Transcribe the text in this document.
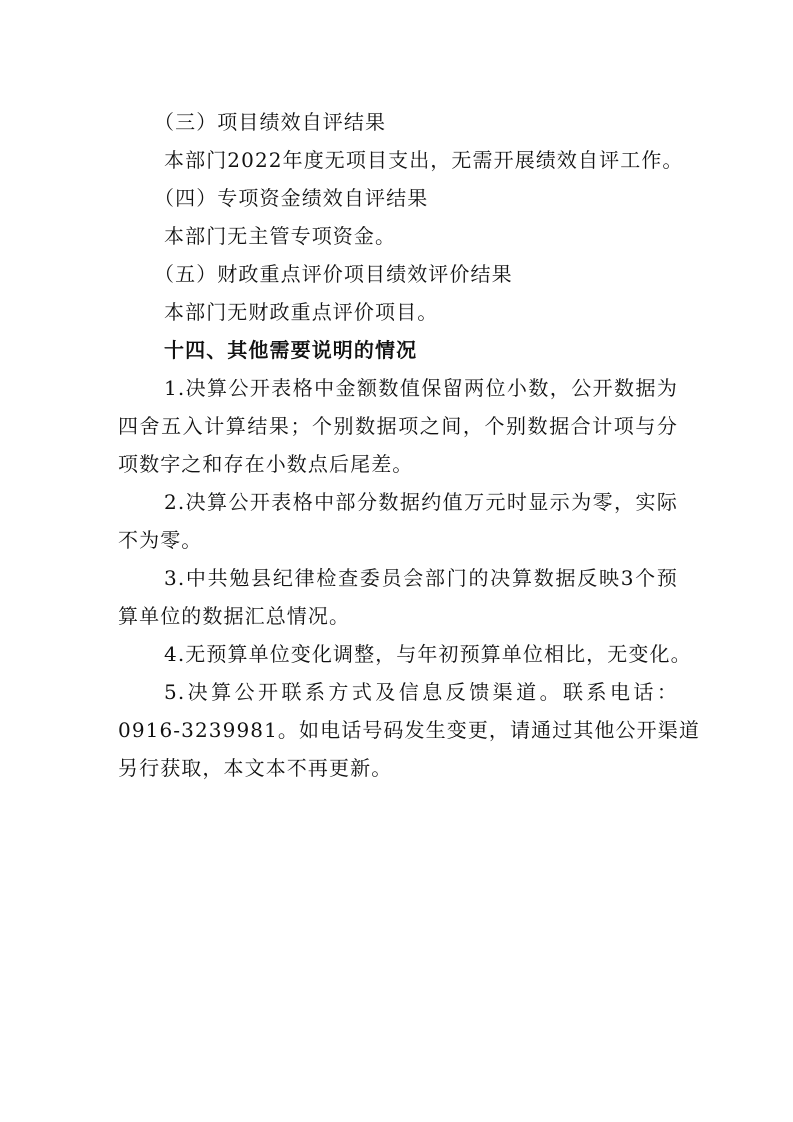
（三）项目绩效自评结果
本部门2022年度无项目支出，无需开展绩效自评工作。
（四）专项资金绩效自评结果
本部门无主管专项资金。
（五）财政重点评价项目绩效评价结果
本部门无财政重点评价项目。
十四、其他需要说明的情况
1.决算公开表格中金额数值保留两位小数，公开数据为
四舍五入计算结果；个别数据项之间，个别数据合计项与分
项数字之和存在小数点后尾差。
2.决算公开表格中部分数据约值万元时显示为零，实际
不为零。
3.中共勉县纪律检查委员会部门的决算数据反映3个预
算单位的数据汇总情况。
4.无预算单位变化调整，与年初预算单位相比，无变化。
5.决算公开联系方式及信息反馈渠道。联系电话：
0916-3239981。如电话号码发生变更，请通过其他公开渠道
另行获取，本文本不再更新。
